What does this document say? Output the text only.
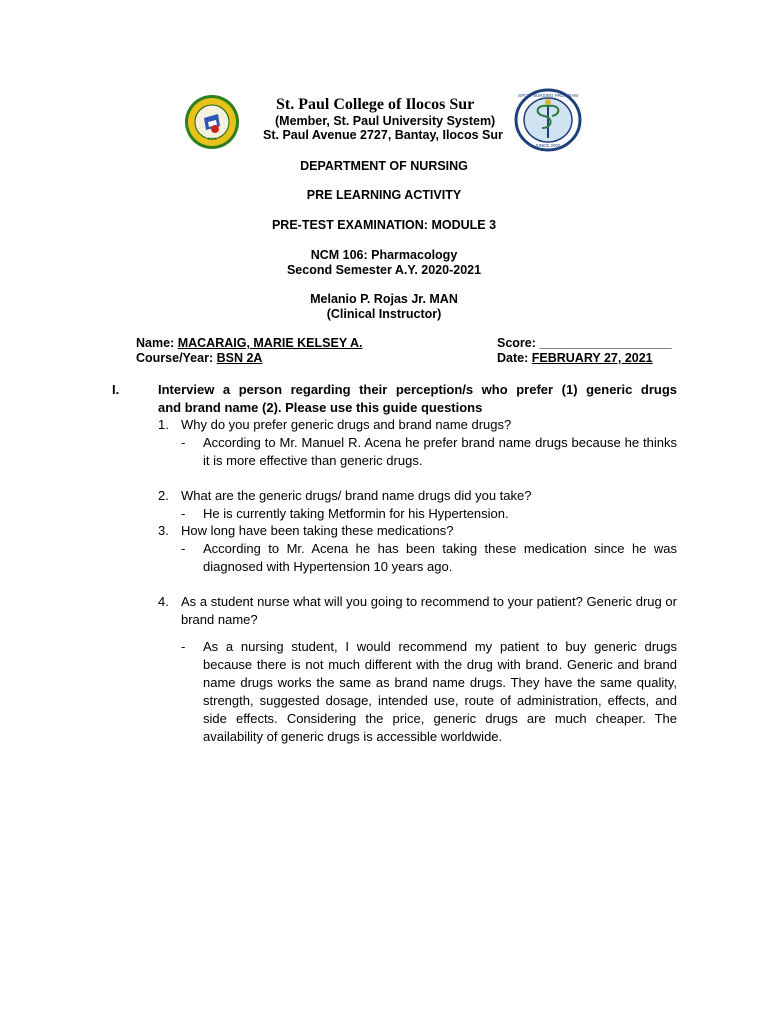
1923
SPCIS NURSING PROGRAM
SINCE 2002
St. Paul College of Ilocos Sur
(Member, St. Paul University System)
St. Paul Avenue 2727, Bantay, Ilocos Sur
DEPARTMENT OF NURSING
PRE LEARNING ACTIVITY
PRE-TEST EXAMINATION: MODULE 3
NCM 106: Pharmacology
Second Semester A.Y. 2020-2021
Melanio P. Rojas Jr. MAN
(Clinical Instructor)
Name: MACARAIG, MARIE KELSEY A.
Course/Year: BSN 2A
Score: ___________________
Date: FEBRUARY 27, 2021
I.	Interview a person regarding their perception/s who prefer (1) generic drugs
and brand name (2). Please use this guide questions
1. Why do you prefer generic drugs and brand name drugs?
- According to Mr. Manuel R. Acena he prefer brand name drugs because he thinks it is more effective than generic drugs.
2. What are the generic drugs/ brand name drugs did you take?
- He is currently taking Metformin for his Hypertension.
3. How long have been taking these medications?
- According to Mr. Acena he has been taking these medication since he was diagnosed with Hypertension 10 years ago.
4. As a student nurse what will you going to recommend to your patient? Generic drug or brand name?
- As a nursing student, I would recommend my patient to buy generic drugs because there is not much different with the drug with brand. Generic and brand name drugs works the same as brand name drugs. They have the same quality, strength, suggested dosage, intended use, route of administration, effects, and side effects. Considering the price, generic drugs are much cheaper. The availability of generic drugs is accessible worldwide.
